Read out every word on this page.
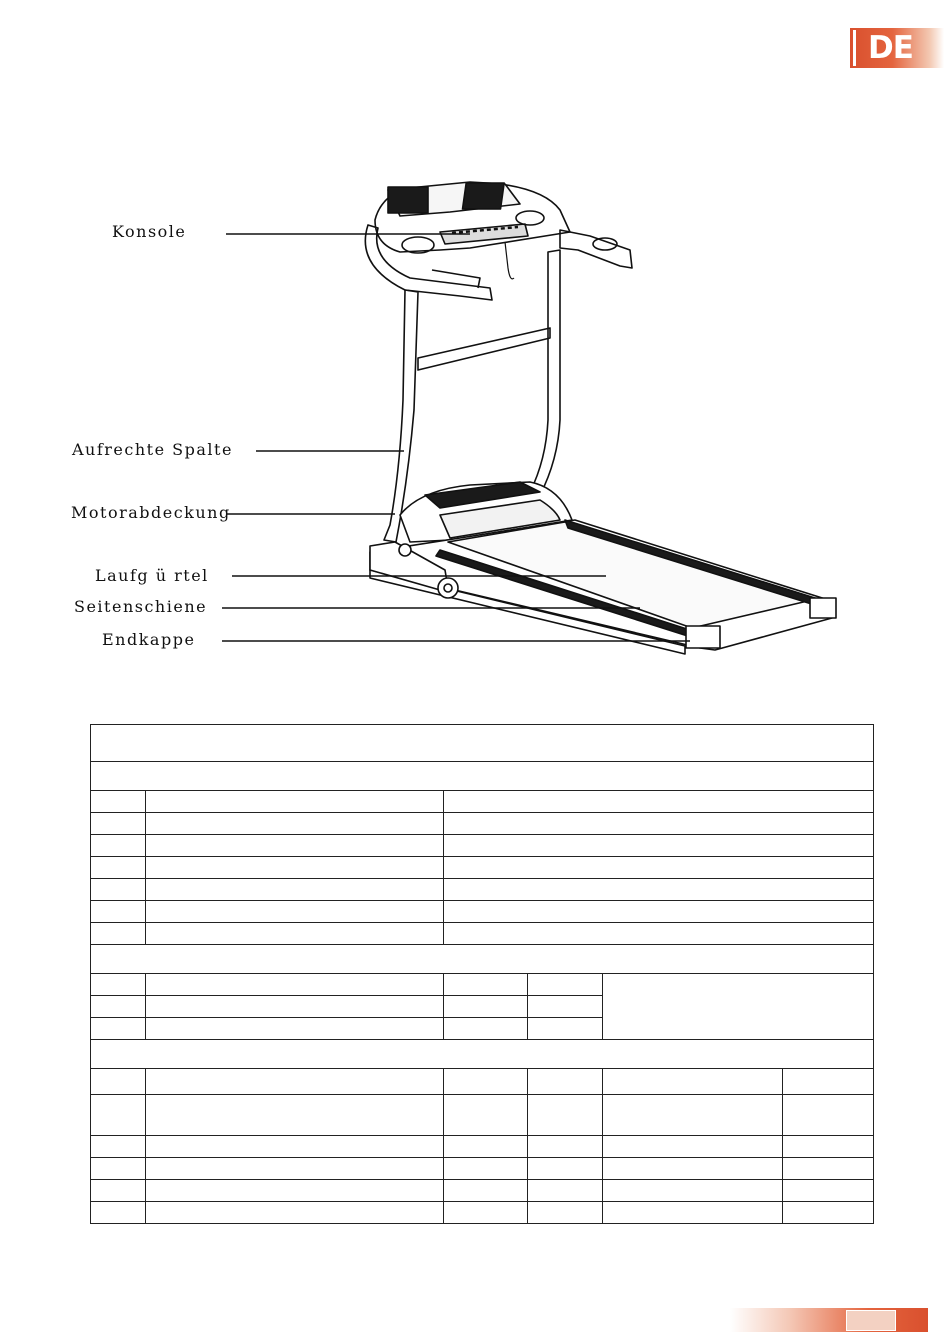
DE
Konsole
Aufrechte Spalte
Motorabdeckung
Laufg ü rtel
Seitenschiene
Endkappe
